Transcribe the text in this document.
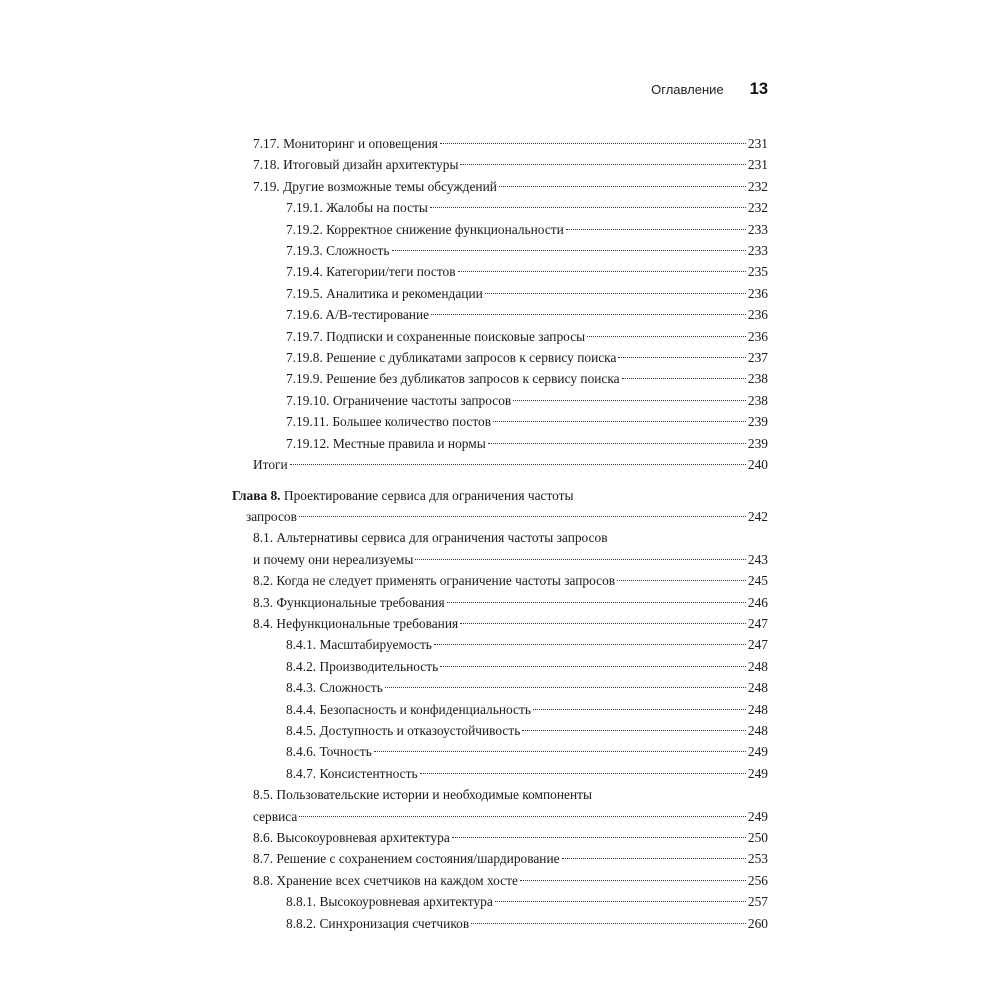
Оглавление 13
7.17. Мониторинг и оповещения	231
7.18. Итоговый дизайн архитектуры	231
7.19. Другие возможные темы обсуждений	232
7.19.1. Жалобы на посты	232
7.19.2. Корректное снижение функциональности	233
7.19.3. Сложность	233
7.19.4. Категории/теги постов	235
7.19.5. Аналитика и рекомендации	236
7.19.6. A/B-тестирование	236
7.19.7. Подписки и сохраненные поисковые запросы	236
7.19.8. Решение с дубликатами запросов к сервису поиска	237
7.19.9. Решение без дубликатов запросов к сервису поиска	238
7.19.10. Ограничение частоты запросов	238
7.19.11. Большее количество постов	239
7.19.12. Местные правила и нормы	239
Итоги	240
Глава 8. Проектирование сервиса для ограничения частоты
запросов	242
8.1. Альтернативы сервиса для ограничения частоты запросов
и почему они нереализуемы	243
8.2. Когда не следует применять ограничение частоты запросов	245
8.3. Функциональные требования	246
8.4. Нефункциональные требования	247
8.4.1. Масштабируемость	247
8.4.2. Производительность	248
8.4.3. Сложность	248
8.4.4. Безопасность и конфиденциальность	248
8.4.5. Доступность и отказоустойчивость	248
8.4.6. Точность	249
8.4.7. Консистентность	249
8.5. Пользовательские истории и необходимые компоненты
сервиса	249
8.6. Высокоуровневая архитектура	250
8.7. Решение с сохранением состояния/шардирование	253
8.8. Хранение всех счетчиков на каждом хосте	256
8.8.1. Высокоуровневая архитектура	257
8.8.2. Синхронизация счетчиков	260
